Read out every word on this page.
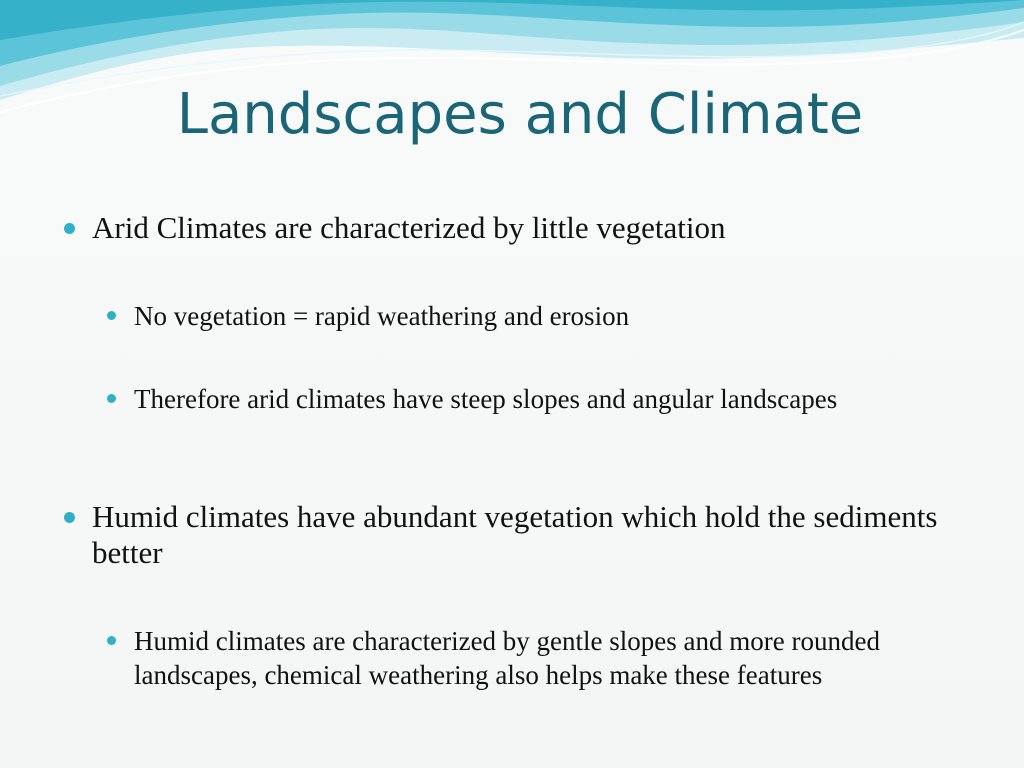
Landscapes and Climate
Arid Climates are characterized by little vegetation
No vegetation = rapid weathering and erosion
Therefore arid climates have steep slopes and angular landscapes
Humid climates have abundant vegetation which hold the sediments better
Humid climates are characterized by gentle slopes and more rounded landscapes, chemical weathering also helps make these features
